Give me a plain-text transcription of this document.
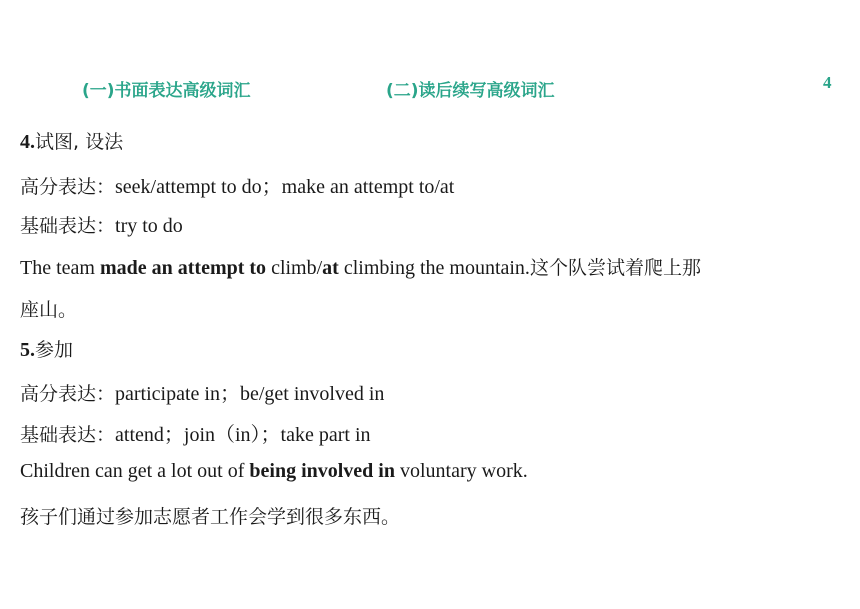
(一)书面表达高级词汇	(二)读后续写高级词汇	4
4.试图, 设法
高分表达：seek/attempt to do；make an attempt to/at
基础表达：try to do
The team made an attempt to climb/at climbing the mountain.这个队尝试着爬上那
座山。
5.参加
高分表达：participate in；be/get involved in
基础表达：attend；join（in）；take part in
Children can get a lot out of being involved in voluntary work.
孩子们通过参加志愿者工作会学到很多东西。
